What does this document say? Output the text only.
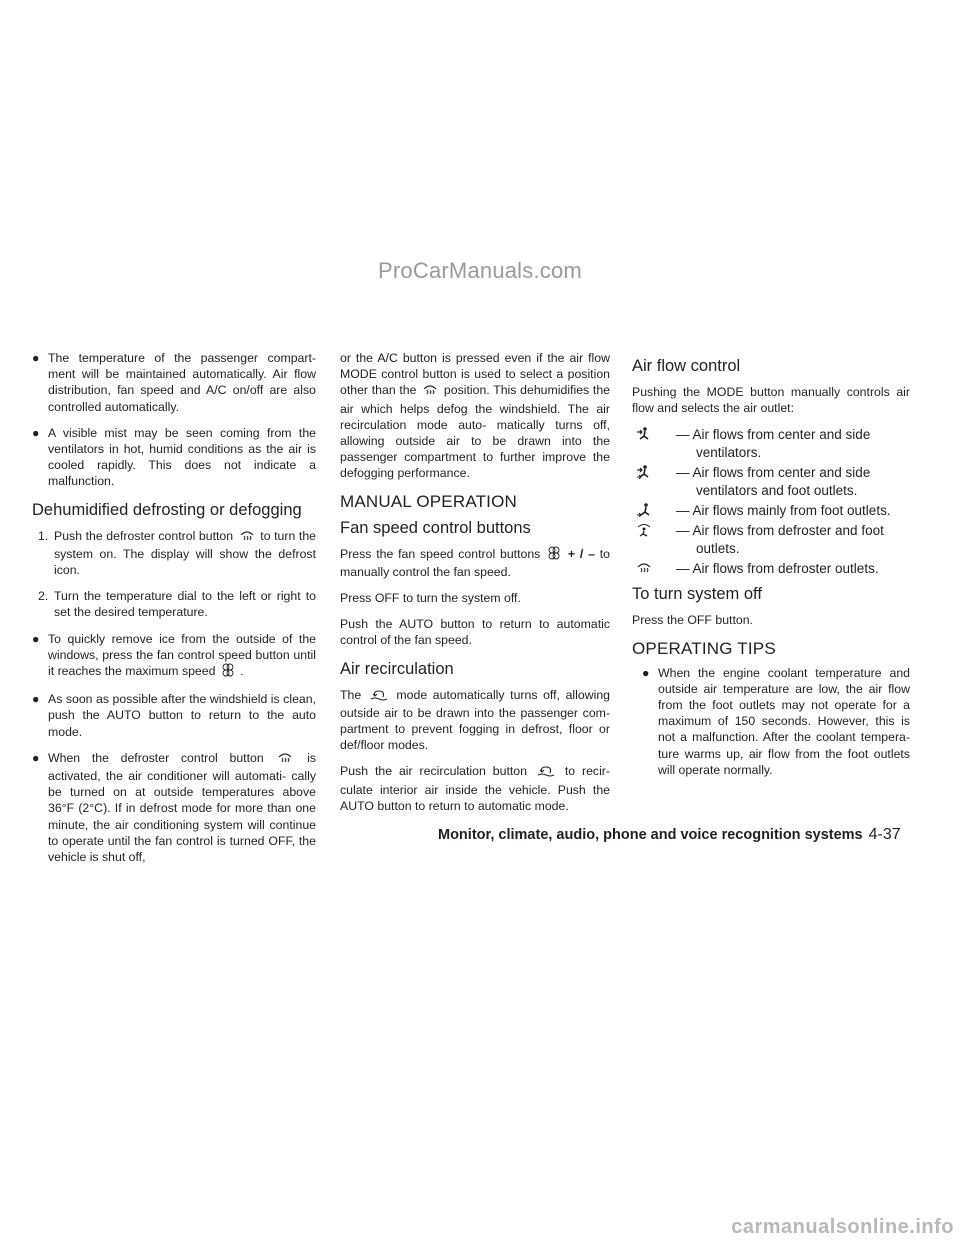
ProCarManuals.com
● The temperature of the passenger compart- ment will be maintained automatically. Air flow distribution, fan speed and A/C on/off are also controlled automatically.
● A visible mist may be seen coming from the ventilators in hot, humid conditions as the air is cooled rapidly. This does not indicate a malfunction.
Dehumidified defrosting or defogging
1. Push the defroster control button to turn the system on. The display will show the defrost icon.
2. Turn the temperature dial to the left or right to set the desired temperature.
● To quickly remove ice from the outside of the windows, press the fan control speed button until it reaches the maximum speed .
● As soon as possible after the windshield is clean, push the AUTO button to return to the auto mode.
● When the defroster control button	is activated, the air conditioner will automati- cally be turned on at outside temperatures above 36°F (2°C). If in defrost mode for more than one minute, the air conditioning system will continue to operate until the fan control is turned OFF, the vehicle is shut off,

or the A/C button is pressed even if the air flow MODE control button is used to select a position other than the position. This dehumidifies the air which helps defog the windshield. The air recirculation mode auto- matically turns off, allowing outside air to be drawn into the passenger compartment to further improve the defogging performance.

MANUAL OPERATION
Fan speed control buttons

Press the fan speed control buttons + / – to manually control the fan speed.

Press OFF to turn the system off.

Push the AUTO button to return to automatic control of the fan speed.

Air recirculation

The	mode automatically turns off, allowing outside air to be drawn into the passenger com- partment to prevent fogging in defrost, floor or def/floor modes.

Push the air recirculation button	to recir- culate interior air inside the vehicle. Push the AUTO button to return to automatic mode.

Air flow control

Pushing the MODE button manually controls air flow and selects the air outlet:

— Air flows from center and side
ventilators.
— Air flows from center and side
ventilators and foot outlets.
— Air flows mainly from foot outlets.
— Air flows from defroster and foot
outlets.
— Air flows from defroster outlets.
To turn system off

Press the OFF button.

OPERATING TIPS
● When the engine coolant temperature and outside air temperature are low, the air flow from the foot outlets may not operate for a maximum of 150 seconds. However, this is not a malfunction. After the coolant tempera- ture warms up, air flow from the foot outlets will operate normally.
Monitor, climate, audio, phone and voice recognition systems 4-37
carmanualsonline.info
